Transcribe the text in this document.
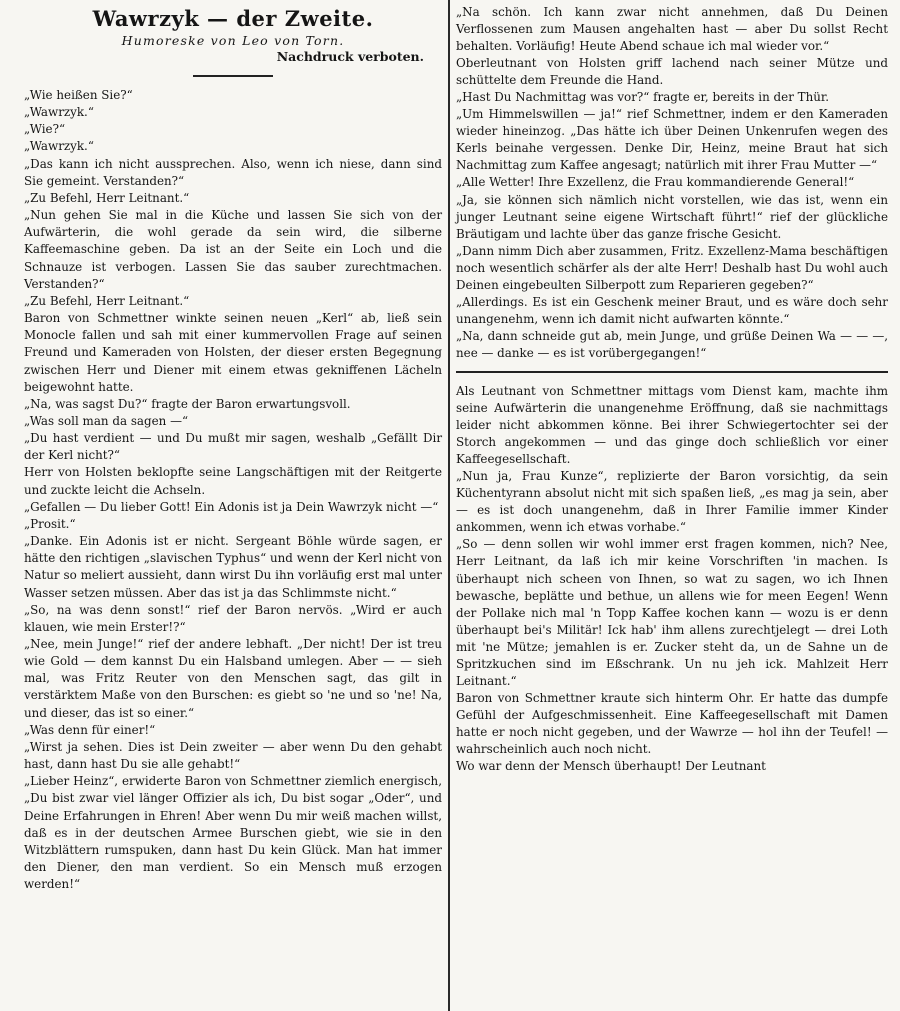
Wawrzyk — der Zweite.
Humoreske von Leo von Torn.
Nachdruck verboten.

„Wie heißen Sie?“

„Wawrzyk.“

„Wie?“

„Wawrzyk.“

„Das kann ich nicht aussprechen. Also, wenn ich niese, dann sind Sie gemeint. Verstanden?“

„Zu Befehl, Herr Leitnant.“

„Nun gehen Sie mal in die Küche und lassen Sie sich von der Aufwärterin, die wohl gerade da sein wird, die silberne Kaffeemaschine geben. Da ist an der Seite ein Loch und die Schnauze ist verbogen. Lassen Sie das sauber zurechtmachen. Verstanden?“

„Zu Befehl, Herr Leitnant.“

Baron von Schmettner winkte seinen neuen „Kerl“ ab, ließ sein Monocle fallen und sah mit einer kummervollen Frage auf seinen Freund und Kameraden von Holsten, der dieser ersten Begegnung zwischen Herr und Diener mit einem etwas gekniffenen Lächeln beigewohnt hatte.

„Na, was sagst Du?“ fragte der Baron erwartungsvoll.

„Was soll man da sagen —“

„Du hast verdient — und Du mußt mir sagen, weshalb „Gefällt Dir der Kerl nicht?“

Herr von Holsten beklopfte seine Langschäftigen mit der Reitgerte und zuckte leicht die Achseln.

„Gefallen — Du lieber Gott! Ein Adonis ist ja Dein Wawrzyk nicht —“

„Prosit.“

„Danke. Ein Adonis ist er nicht. Sergeant Böhle würde sagen, er hätte den richtigen „slavischen Typhus“ und wenn der Kerl nicht von Natur so meliert aussieht, dann wirst Du ihn vorläufig erst mal unter Wasser setzen müssen. Aber das ist ja das Schlimmste nicht.“

„So, na was denn sonst!“ rief der Baron nervös. „Wird er auch klauen, wie mein Erster!?“

„Nee, mein Junge!“ rief der andere lebhaft. „Der nicht! Der ist treu wie Gold — dem kannst Du ein Halsband umlegen. Aber — — sieh mal, was Fritz Reuter von den Menschen sagt, das gilt in verstärktem Maße von den Burschen: es giebt so 'ne und so 'ne! Na, und dieser, das ist so einer.“

„Was denn für einer!“

„Wirst ja sehen. Dies ist Dein zweiter — aber wenn Du den gehabt hast, dann hast Du sie alle gehabt!“

„Lieber Heinz“, erwiderte Baron von Schmettner ziemlich energisch, „Du bist zwar viel länger Offizier als ich, Du bist sogar „Oder“, und Deine Erfahrungen in Ehren! Aber wenn Du mir weiß machen willst, daß es in der deutschen Armee Burschen giebt, wie sie in den Witzblättern rumspuken, dann hast Du kein Glück. Man hat immer den Diener, den man verdient. So ein Mensch muß erzogen werden!“

„Na schön. Ich kann zwar nicht annehmen, daß Du Deinen Verflossenen zum Mausen angehalten hast — aber Du sollst Recht behalten. Vorläufig! Heute Abend schaue ich mal wieder vor.“

Oberleutnant von Holsten griff lachend nach seiner Mütze und schüttelte dem Freunde die Hand.

„Hast Du Nachmittag was vor?“ fragte er, bereits in der Thür.

„Um Himmelswillen — ja!“ rief Schmettner, indem er den Kameraden wieder hineinzog. „Das hätte ich über Deinen Unkenrufen wegen des Kerls beinahe vergessen. Denke Dir, Heinz, meine Braut hat sich Nachmittag zum Kaffee angesagt; natürlich mit ihrer Frau Mutter —“

„Alle Wetter! Ihre Exzellenz, die Frau kommandierende General!“

„Ja, sie können sich nämlich nicht vorstellen, wie das ist, wenn ein junger Leutnant seine eigene Wirtschaft führt!“ rief der glückliche Bräutigam und lachte über das ganze frische Gesicht.

„Dann nimm Dich aber zusammen, Fritz. Exzellenz-Mama beschäftigen noch wesentlich schärfer als der alte Herr! Deshalb hast Du wohl auch Deinen eingebeulten Silberpott zum Reparieren gegeben?“

„Allerdings. Es ist ein Geschenk meiner Braut, und es wäre doch sehr unangenehm, wenn ich damit nicht aufwarten könnte.“

„Na, dann schneide gut ab, mein Junge, und grüße Deinen Wa — — —, nee — danke — es ist vorübergegangen!“

Als Leutnant von Schmettner mittags vom Dienst kam, machte ihm seine Aufwärterin die unangenehme Eröffnung, daß sie nachmittags leider nicht abkommen könne. Bei ihrer Schwiegertochter sei der Storch angekommen — und das ginge doch schließlich vor einer Kaffeegesellschaft.

„Nun ja, Frau Kunze“, replizierte der Baron vorsichtig, da sein Küchentyrann absolut nicht mit sich spaßen ließ, „es mag ja sein, aber — es ist doch unangenehm, daß in Ihrer Familie immer Kinder ankommen, wenn ich etwas vorhabe.“

„So — denn sollen wir wohl immer erst fragen kommen, nich? Nee, Herr Leitnant, da laß ich mir keine Vorschriften 'in machen. Is überhaupt nich scheen von Ihnen, so wat zu sagen, wo ich Ihnen bewasche, beplätte und bethue, un allens wie for meen Eegen! Wenn der Pollake nich mal 'n Topp Kaffee kochen kann — wozu is er denn überhaupt bei's Militär! Ick hab' ihm allens zurechtjelegt — drei Loth mit 'ne Mütze; jemahlen is er. Zucker steht da, un de Sahne un de Spritzkuchen sind im Eßschrank. Un nu jeh ick. Mahlzeit Herr Leitnant.“

Baron von Schmettner kraute sich hinterm Ohr. Er hatte das dumpfe Gefühl der Aufgeschmissenheit. Eine Kaffeegesellschaft mit Damen hatte er noch nicht gegeben, und der Wawrze — hol ihn der Teufel! — wahrscheinlich auch noch nicht.

Wo war denn der Mensch überhaupt! Der Leutnant
